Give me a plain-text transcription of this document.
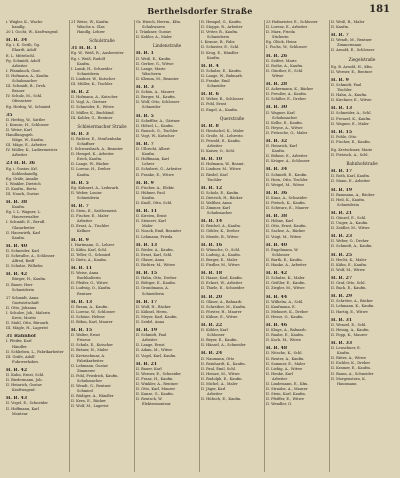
Berthelsdorfer Straße	181
i. Wägler, K., Wachs-
handlg.
20 I. Gocht, W., Kraftwagenf.
H. B. 34
Eg. i. K. Geith, Gg.
Ilhardt, Adolf
E. L. Mittelschl.
Pg. Schmidt, Adolf
Arbeiter
I. Pfannkuch, Gust.
II. Hofmann, A., Kaufm.
Schuhmacher
III. Schmidt, B., Dreh.
Brauer
IV. Schulz, M., Schl.
Ofensetzer
Eg. Herbig, W., Schmied
35
II. Herbig, W., Sattler
I. Krause, H., Schlosser
II. Weise, Karl
Handlungsgeh.
Mäge, W., Kaufm.
III. Mäge, E., Arbeiter
IV. Müller, K., Ladiermeister
Arbeiter
23 H. B. 36
Eg. i. Gustav, Krl.
Kohlenhandlg.
Eg. Gräfe, Amalie
I. Winkler, Dietrich
II. Kaufm., Berta
III. Noack, Gustav
H. B. 38
Kaufm.
Eg. I. L. Wagner, L.
Hausverwalter
I. Schmidt, E., Berufl.
Glasarbeiter
II. Hauswirth, Karl
Kaufm.
H. B. 40
II. Schneider, Karl
II. Schwalbe, A., Schlosser
Alfred, Reiff
II. Schulze, Wilhelm
H. B. 42
Bürger, H., Kaufm.
II. Bauer, Herr
Schneiderin
27 Schmidt, Anna
Gastwirtschaft
II. Otto, Johanna
I. Schulze, Joh., Malerin
Kreis, Moritz
II. Stahl, Otto, Büroarb.
III. Mägle, H., Lagerist
31 Bahnhof
I. Pfeifer, Karl
Händler
II. Schlieben, L., Fabrikarbeiter
III. Gräfe, Adolf
Fuhrwerksbes.
H. B. 42
II. Kuhn, Ernst, Schl.
II. Biedermann, Joh.
II. Heinrich, Gustav
Kraftwagenf.
H. B. 43
II. Vogel, E., Schneider
II. Hoffmann, Karl
Monteur
21 Weise, W., Kaufm.
Wäsche u. Glas
Handlg. Lehrer
Schulstraße
31 H. B. 1
Eg. W., Weiß, R., Ausbereiter
Eg. i. Weiß, Rudolf
Kaufm.
I. Lamk, H., Schneider
Schneiderin
II. Lindner, W., Kutscher
III. Müller, K., Tischler
H. B. 2
II. Hofmann, A., Kutscher
II. Vogl, A., Gärtner
II. Schneider, E., Witwe
II. Müller, K., Buchbind.
III. Kohler, G., Rentner
Schleiermacher Straße
H. B. 3
II. Richter, E., Straßenbahn
Schaffner
I. Schwarzbach, A., Beamter
II. Hempel, K., Arbeiter
Erich, Kaufm.
II. Lange, W., Bäcker
II. Lorenz, H., Dreher
Kaufm.
H. B. 5
Eg. Kuhnert, A., Lederarb.
II. Weber, Louise
Schneiderin
H. B. 7
II. Stein, E., Sattlermeist.
II. Fischer, E., Maler
Arbeiter
II. Ernst, A., Tischler
Kellner
H. B. 9
I. Hartmann, G., Lehrer
II. Kühn, Karl, Schl.
II. Teller, G., Schmied
II. Dietz, A., Kaufm.
H. B. 11
II. Weise, Anna
Buchhalterin
II. Pfeifer, G., Witwe
II. Ludwig, O., Kaufm.
Rentner
H. B. 13
II. Braun, A., Kaufm.
II. Lorenz, W., Schlosser
II. Schöne, Helene
II. Böhm, Karl, Maurer
H. B. 15
II. Walter, Ernst
Friseur
II. Schulz, E., Kutscher
II. Bräuer, H., Maler
II. Kretzschmar, A.
Fabrikarbeiter
II. Lehmann, Gustav
Zimmerer
II. Pohl, Friedrich, Kaufm.
Schuhmacher
II. Wendt, G., Rentner
Schmied
II. Rüdiger, A., Händler
II. Kern, E., Bäcker
II. Wolf, M., Lagerist
Gr. Hirsch, Herrm., Kfm.
Schuhwaren
I. Tränkner, Gustav
II. Kohler, A., Maler
Lindenstraße
H. B. 1
II. Weiß, E., Kaufm.
II. Gerber, G., Witwe
II. Lange, Marie
Wäscherin
II. Klemm, M., Beamter
H. B. 3
II. Schön, A., Maurer
II. Berger, M., Kaufm.
II. Wolf, Otto, Schlosser
Schneider
H. B. 5
II. Scheffler, A., Gärtner
II. Hölzel, L., Kaufm.
II. Rausch, G., Tischler
II. Vogt, W., Kutscher
H. B. 7
II. Ulbricht, Albert
Kaufm.
II. Hoffmann, Karl
Lehrer
II. Schubert, G., Arbeiter
II. Franke, E., Witwe
H. B. 9
II. Fischer, A., Elektr.
II. Hübner, Paul
Kaufm.
II. Knoll, Otto, Schl.
H. B. 11
II. Kirsten, Ernst
II. Steinert, Karl
Maler
II. Noack, Emil, Beamter
II. Lehmann, Frieda
H. B. 13
II. Rösler, A., Kaufm.
II. Ernst, Karl, Schl.
II. Glaser, Anna
II. Richter, M., Witwe
H. B. 15
II. Hahn, Otto, Dreher
II. Böttger, E., Kaufm.
II. Grundmann, A.
Schneiderin
H. B. 17
II. Wolf, H., Bäcker
II. Kühnel, Herm.
II. Meyer, Karl, Kaufm.
II. Seidel, Anna
H. B. 19
II. Schmidt, Paul
Arbeiter
II. Lange, Ernst
II. Adam, M., Witwe
II. Vogel, Karl, Kaufm.
H. B. 21
II. Bauer, Karl
II. Werner, E., Schneider
II. Franz, H., Kaufm.
II. Winkler, A., Rentner
II. Otto, Karl, Maurer
II. Kunze, G., Kaufm.
II. Rentsch, W.
Elektromonteur
II. Hempel, G., Kaufm.
II. Stoppe, R., Arbeiter
II. Vetter, B., Kaufm.
Schneiderin
I. Krause, B., Fabr.
II. Schuster, E., Schl.
II. Krug, E., Händler
Kaufm.
H. B. 4
II. Schulze, E., Kaufm.
II. Lange, W., Bahnarb.
II. Franke, Emil
Schneider
H. B. 6
II. Weber, R., Schlosser
II. Pohl, Ernst
II. Engel, A., Kaufm.
Querstraße
H. B. 8
II. Hentschel, K., Maler
II. Große, M., Lehrerin
II. Petzold, E., Kaufm.
Arbeiter
II. Kaiser, O., Schl.
H. B. 10
II. Hofmann, W., Beamt.
II. Lindner, M., Witwe
II. Riedel, Karl
Tischler
H. B. 12
II. Scholz, E., Kaufm.
II. Dietrich, H., Bäcker
II. Walther, Anna
II. Zimmer, Karl
Schuhmacher
H. B. 14
II. Reichel, A., Kaufm.
II. Göhler, K., Dreher
II. Mende, B., Witwe
H. B. 16
II. Wünsche, O., Schl.
II. Ludwig, A., Kaufm.
II. Berger, E., Maler
II. Fiedler, M., Witwe
H. B. 18
II. Haase, Karl, Kaufm.
II. Eckert, W., Arbeiter
II. Thiele, E., Schneider
H. B. 20
II. Gläser, A., Bahnarb.
II. Schreiber, M., Kaufm.
II. Förster, H., Maurer
II. Kühne, E., Witwe
H. B. 22
II. Köhler, Karl
Schlosser
II. Beyer, E., Kaufm.
II. Hänsel, A., Schneider
H. B. 24
II. Naumann, Otto
II. Reinhardt, K., Kaufm.
II. Paul, Emil, Schl.
II. Heinze, M., Witwe
II. Rudolph, E., Kaufm.
II. Michel, A., Maler
II. Jäger, Karl
Arbeiter
II. Hübsch, E., Kaufm.
23 Hofmeister, E., Schlosser
II. Lorenz, E., Arbeiter
II. Marx, Frieda
Stickerin
Eg. Glück, Heinr.
I. Fuchs, W., Schlosser
H. B. 26
II. Seifert, Marie
II. Rothe, A., Kaufm.
II. Günther, E., Schl.
Witwe
H. B. 28
II. Ackermann, K., Bäcker
II. Preußer, A., Kaufm.
II. Schiller, E., Dreher
H. B. 30
II. Wagner, Karl
Schuhmacher
II. Kolbe, E., Kaufm.
II. Heyne, A., Witwe
II. Fritzsche, O., Maler
H. B. 32
II. Heinrich, Karl
Kaufm.
II. Böhme, E., Arbeiter
II. Krüger, A., Schlosser
H. B. 34
II. Schmidt, E., Kaufm.
II. Horn, Otto, Tischler
II. Weigel, M., Witwe
H. B. 36
II. Kunz, A., Schneider
II. Pietsch, K., Kaufm.
II. Schwarz, E., Maurer
H. B. 38
II. Höhne, Karl
II. Otto, Ernst, Kaufm.
II. Sachse, A., Bäcker
II. Voigt, M., Witwe
H. B. 40
II. Engelmann, W.
Schlosser
II. Barth, E., Kaufm.
II. Hanke, A., Arbeiter
H. B. 42
II. Schulze, K., Maler
II. Geißler, E., Kaufm.
II. Ziegler, M., Witwe
H. B. 44
II. Wilhelm, A., Schl.
II. Kaufmann, E.
II. Mehnert, K., Dreher
II. Hesse, O., Kaufm.
H. B. 46
II. Kluge, A., Bahnarb.
II. Raabe, E., Kaufm.
II. Koch, M., Witwe
H. B. 48
II. Nitsche, K., Schl.
II. Reuter, A., Kaufm.
II. Sommer, E., Maler
II. Liebig, A., Witwe
II. Henke, Karl
Arbeiter
II. Lindemann, E., Kfm.
II. Straube, A., Maurer
II. Stein, Karl, Kaufm.
II. Pfeiffer, E., Witwe
II. Wendler, O.
II. Weiß, R., Maler
II. Kaufm.
H. B. 7
II. Wendt, M., Rentner
Zimmermann
II. Arnold, E., Schlosser
Ziegelstraße
Eg. B. Arnold, H., Kfm.
II. Werner, E., Rentner
H. B. 9
II. Schmidt, Paul
Tischler
II. Hahn, A., Kaufm.
II. Kirchner, E., Witwe
H. B. 13
II. Schneider, A., Schl.
II. Frenzel, K., Kaufm.
II. Wagner, E., Maler
H. B. 15
II. Pohle, Otto
II. Fischer, E., Kaufm.
Eg. Kretschmer, Marie
II. Pietzsch, A., Schl.
Bahnhofstraße
H. B. 17
II. Roth, Karl, Kaufm.
II. Mann, E., Arbeiter
H. B. 19
II. Baumann, A., Bäcker
II. Heil, K., Kaufm.
Schneiderin
H. B. 21
II. Günzel, E., Schl.
II. Unger, A., Kaufm.
II. Zeidler, M., Witwe
H. B. 23
II. Weber, O., Dreher
II. Schmidt, A., Kaufm.
H. B. 25
II. Hecht, K., Maler
II. Kühn, E., Kaufm.
II. Wolf, M., Witwe
H. B. 27
II. Graf, Otto, Schl.
II. Bach, E., Kaufm.
H. B. 29
II. Schröter, A., Bäcker
II. Lehmann, K., Kaufm.
II. Hartig, E., Witwe
H. B. 31
II. Wenzel, E., Schl.
II. Heinig, A., Kaufm.
II. Popp, K., Maurer
H. B. 33
II. Leuschner, E.
Kaufm.
II. Ritter, A., Witwe
II. Eichler, K., Dreher
II. Kramer, E., Kaufm.
II. Baum, A., Schneider
II. Morgenstern, K.
Hausmann
